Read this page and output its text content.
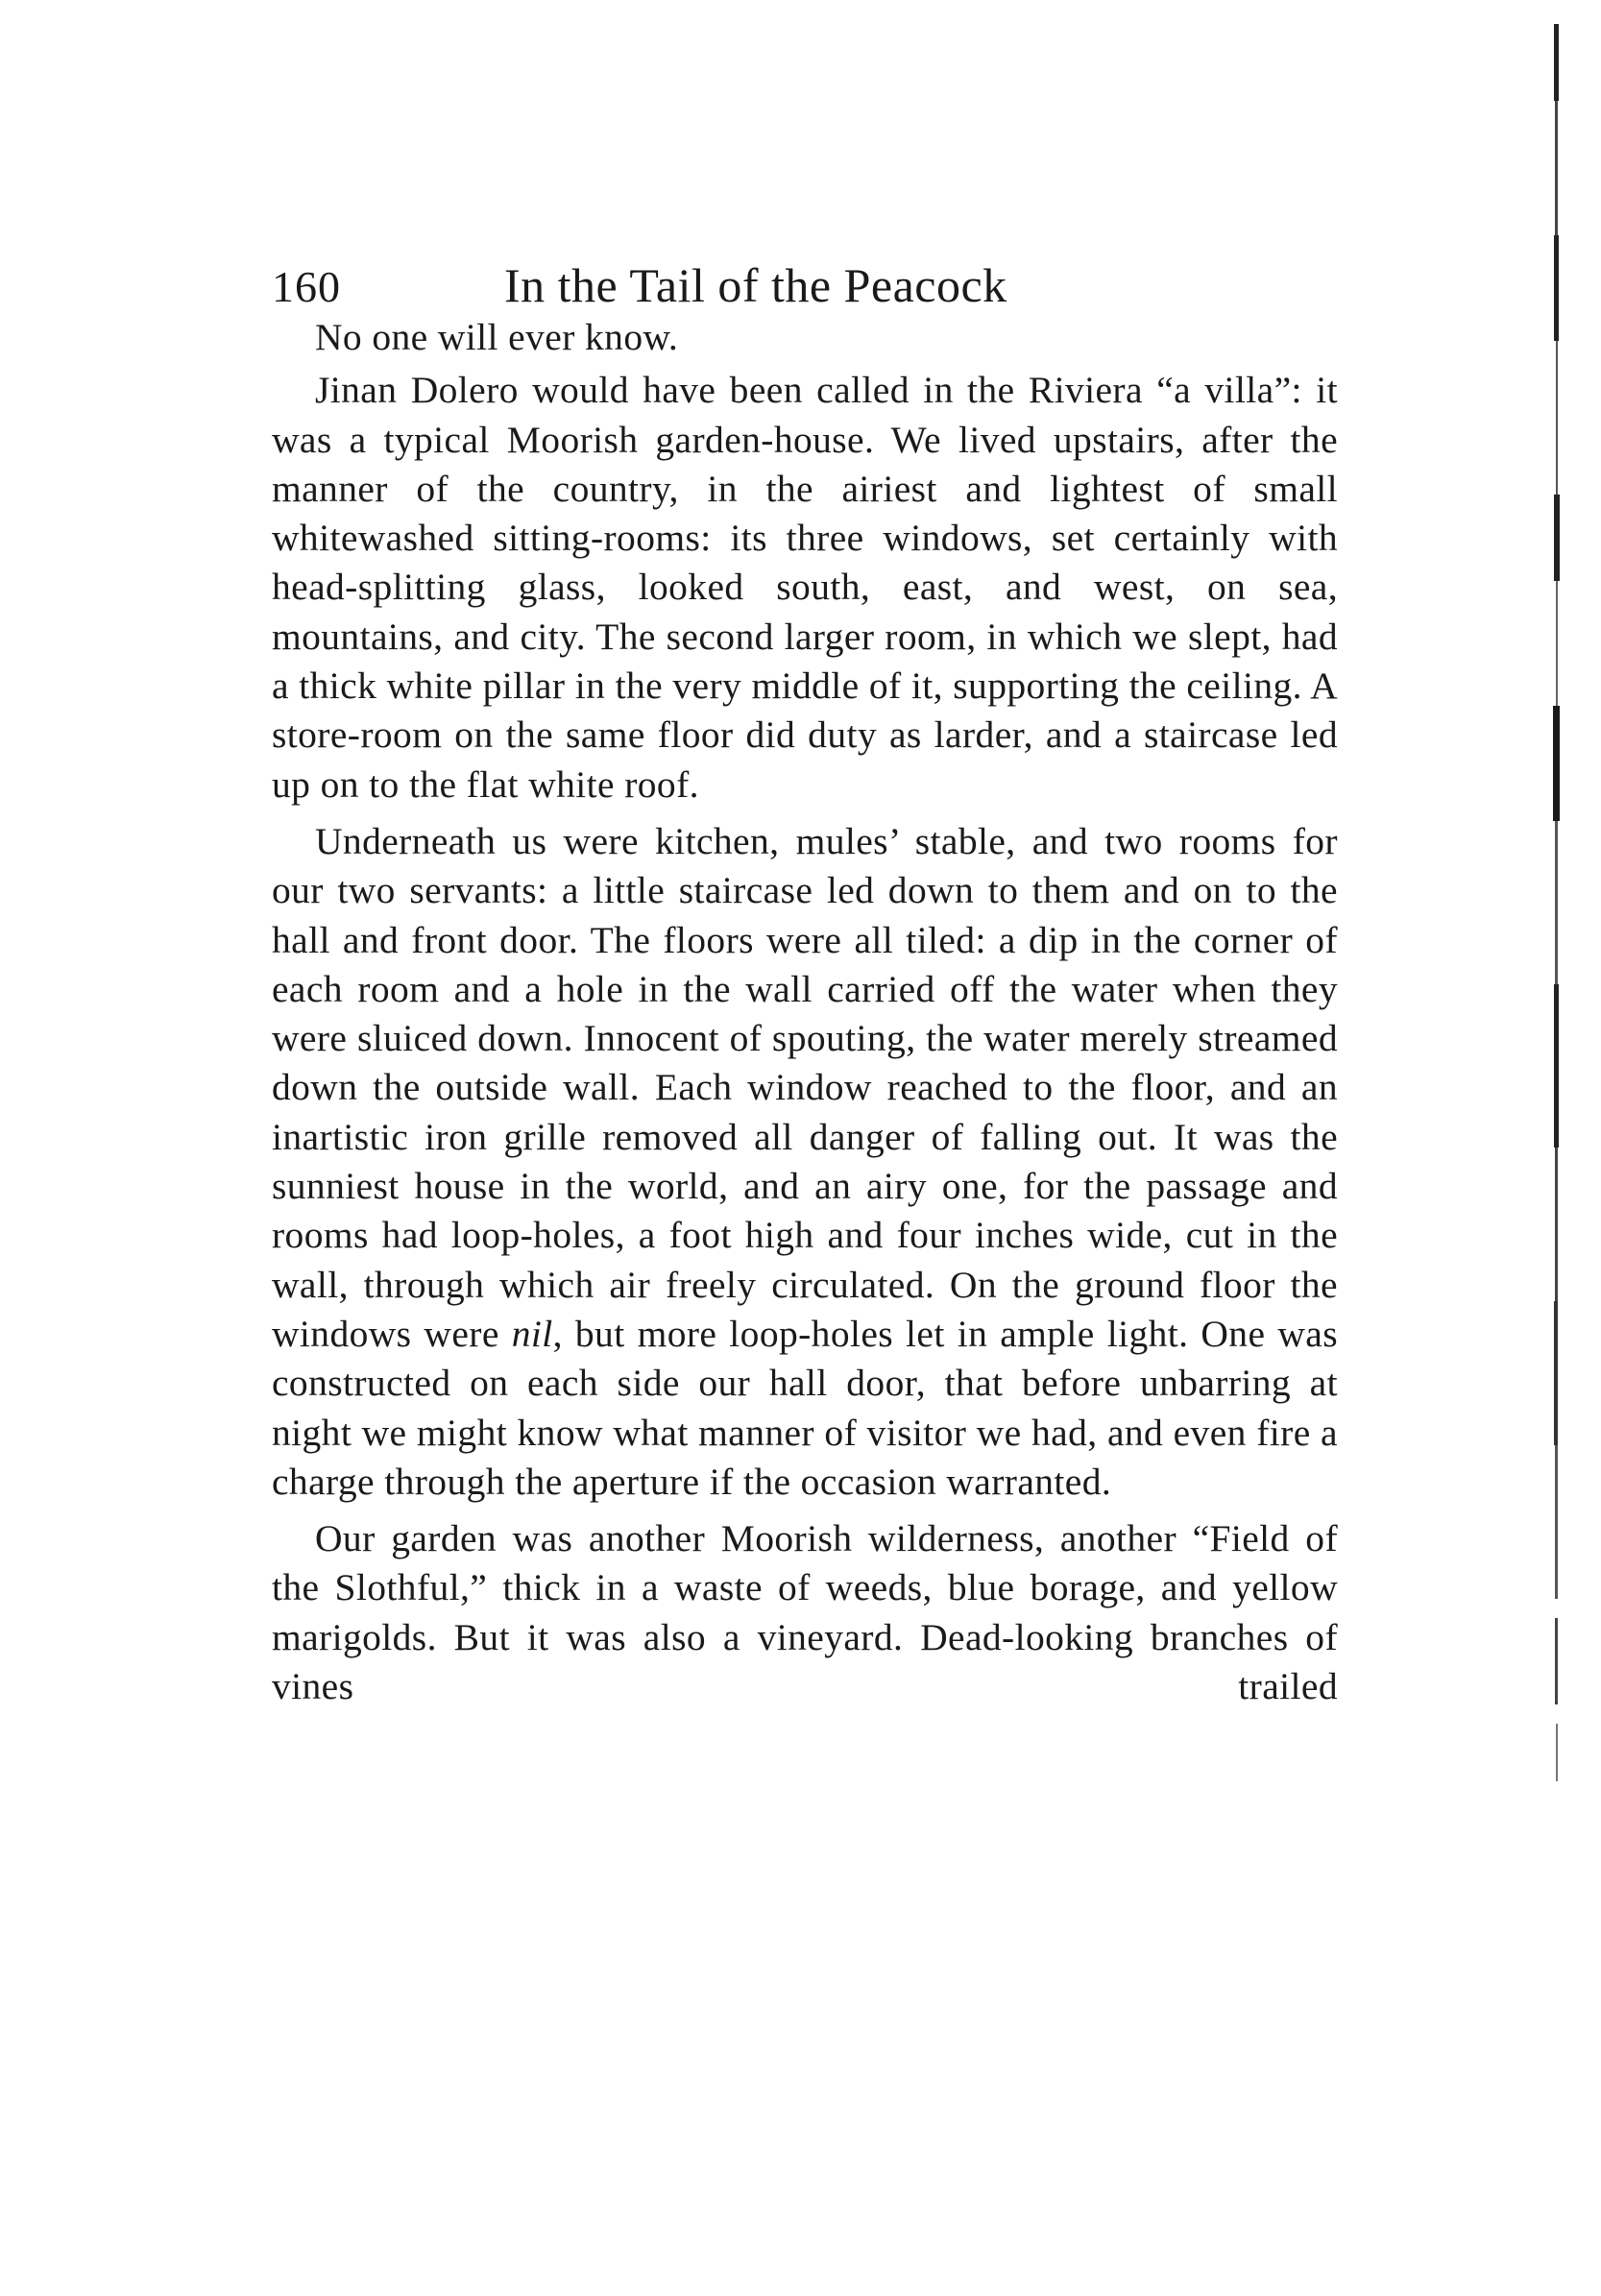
160	In the Tail of the Peacock

No one will ever know.

Jinan Dolero would have been called in the Riviera “a villa”: it was a typical Moorish garden-house. We lived upstairs, after the manner of the country, in the airiest and lightest of small whitewashed sitting-rooms: its three windows, set certainly with head-splitting glass, looked south, east, and west, on sea, mountains, and city. The second larger room, in which we slept, had a thick white pillar in the very middle of it, supporting the ceiling. A store-room on the same floor did duty as larder, and a staircase led up on to the flat white roof.

Underneath us were kitchen, mules’ stable, and two rooms for our two servants: a little staircase led down to them and on to the hall and front door. The floors were all tiled: a dip in the corner of each room and a hole in the wall carried off the water when they were sluiced down. Innocent of spouting, the water merely streamed down the outside wall. Each window reached to the floor, and an inartistic iron grille removed all danger of falling out. It was the sunniest house in the world, and an airy one, for the passage and rooms had loop-holes, a foot high and four inches wide, cut in the wall, through which air freely circulated. On the ground floor the windows were nil, but more loop-holes let in ample light. One was constructed on each side our hall door, that before unbarring at night we might know what manner of visitor we had, and even fire a charge through the aperture if the occasion warranted.

Our garden was another Moorish wilderness, another “Field of the Slothful,” thick in a waste of weeds, blue borage, and yellow marigolds. But it was also a vineyard. Dead-looking branches of vines trailed
